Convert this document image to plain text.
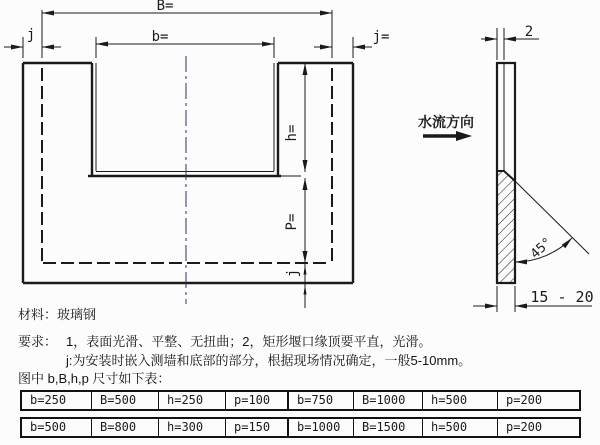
B=
b=
j	j=
h=
P=
j
45°
2
水流方向
15 - 20
材料：玻璃钢
要求： 1，表面光滑、平整、无扭曲；2，矩形堰口缘顶要平直，光滑。
j:为安装时嵌入测墙和底部的部分，根据现场情况确定，一般5-10mm。
图中 b,B,h,p 尺寸如下表：
b=250	B=500	h=250	p=100
b=500	B=800	h=300	p=150
b=750	B=1000	h=500	p=200
b=1000	B=1500	h=500	p=200
